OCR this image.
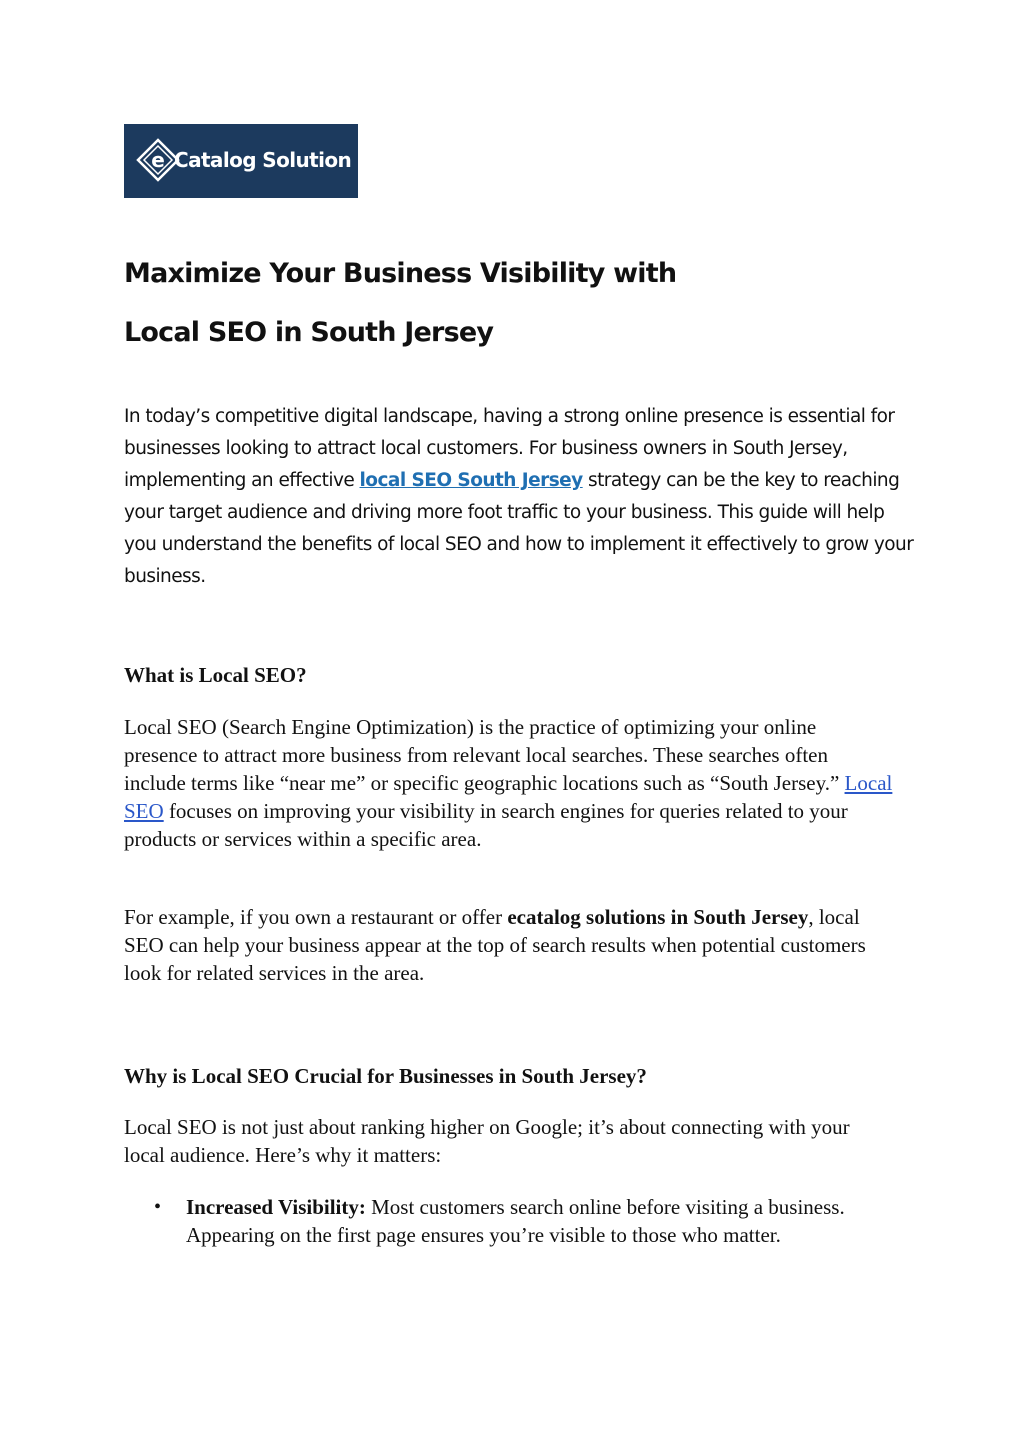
e Catalog Solution
Maximize Your Business Visibility with
Local SEO in South Jersey

In today’s competitive digital landscape, having a strong online presence is essential for businesses looking to attract local customers. For business owners in South Jersey, implementing an effective local SEO South Jersey strategy can be the key to reaching your target audience and driving more foot traffic to your business. This guide will help you understand the benefits of local SEO and how to implement it effectively to grow your business.

What is Local SEO?

Local SEO (Search Engine Optimization) is the practice of optimizing your online presence to attract more business from relevant local searches. These searches often include terms like “near me” or specific geographic locations such as “South Jersey.” Local SEO focuses on improving your visibility in search engines for queries related to your products or services within a specific area.

For example, if you own a restaurant or offer ecatalog solutions in South Jersey, local SEO can help your business appear at the top of search results when potential customers look for related services in the area.

Why is Local SEO Crucial for Businesses in South Jersey?

Local SEO is not just about ranking higher on Google; it’s about connecting with your local audience. Here’s why it matters:

• Increased Visibility: Most customers search online before visiting a business. Appearing on the first page ensures you’re visible to those who matter.
